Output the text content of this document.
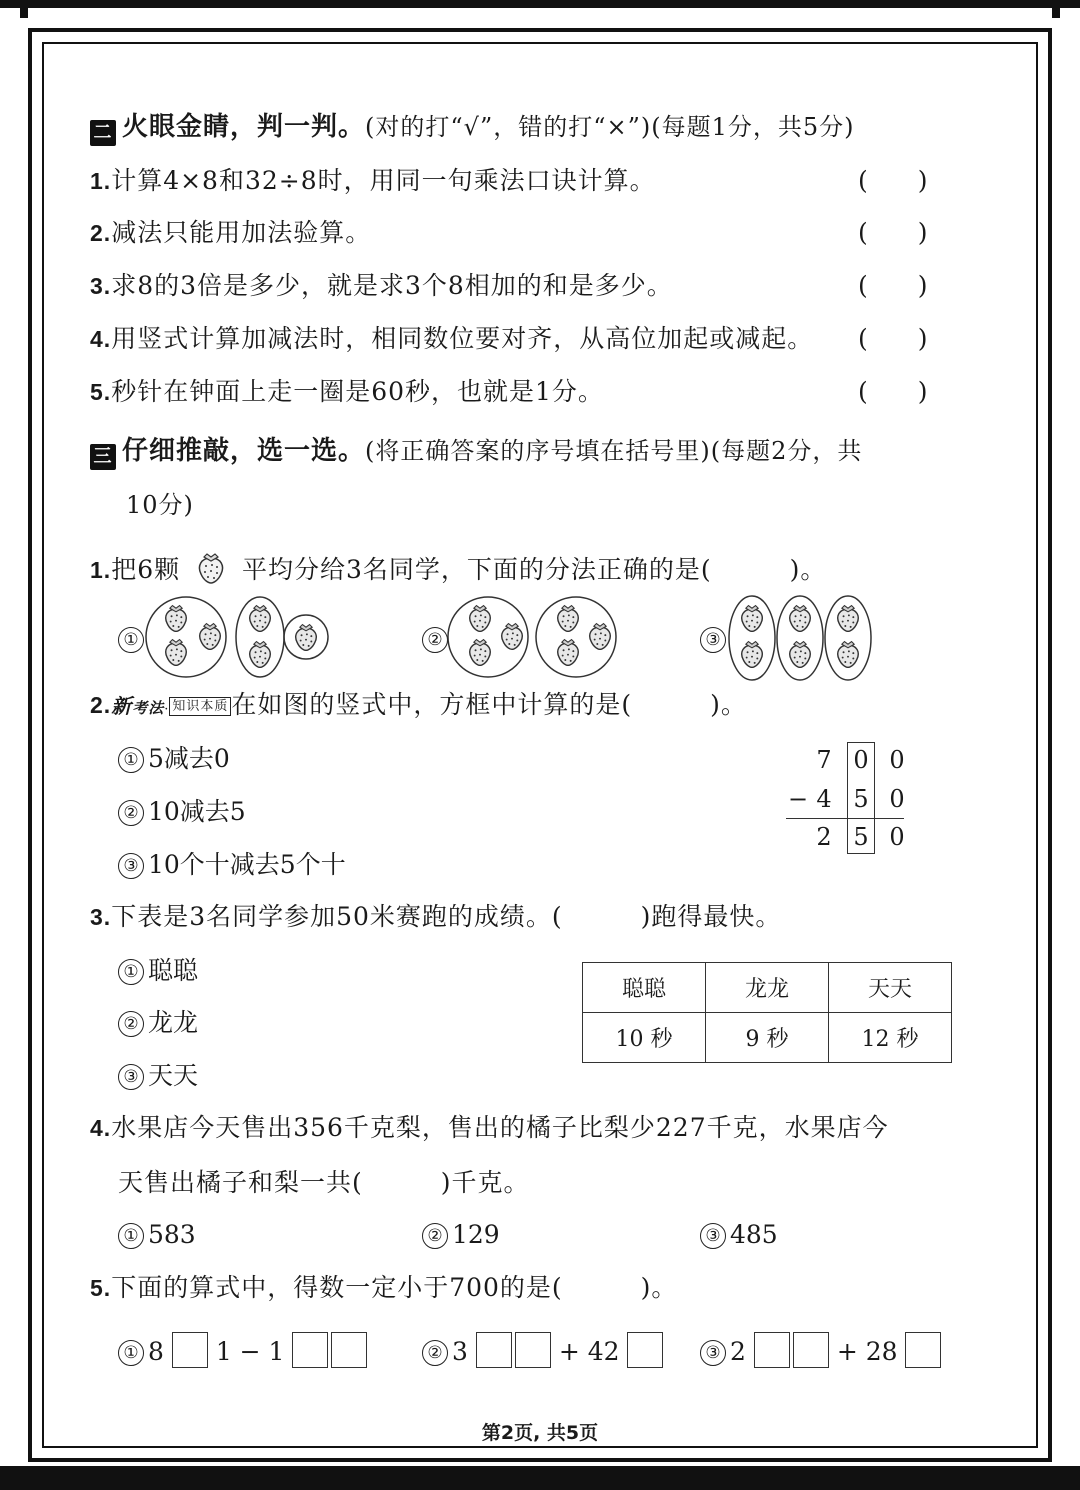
二 火眼金睛，判一判。(对的打“√”，错的打“×”)(每题1分，共5分)
1.计算4×8和32÷8时，用同一句乘法口诀计算。	(　　)
2.减法只能用加法验算。	(　　)
3.求8的3倍是多少，就是求3个8相加的和是多少。	(　　)
4.用竖式计算加减法时，相同数位要对齐，从高位加起或减起。 (　　)
5.秒针在钟面上走一圈是60秒，也就是1分。	(　　)
三 仔细推敲，选一选。(将正确答案的序号填在括号里)(每题2分，共
10分)
1.把6颗 平均分给3名同学，下面的分法正确的是(　　　)。
①	②	③
2.新考法· 知识本质 在如图的竖式中，方框中计算的是(　　　)。
① 5减去0
② 10减去5
③ 10个十减去5个十
7 0 0
− 4 5 0
2 5 0
3.下表是3名同学参加50米赛跑的成绩。(　　　)跑得最快。
① 聪聪
② 龙龙
③ 天天
聪聪	龙龙	天天
10 秒	9 秒	12 秒
4.水果店今天售出356千克梨，售出的橘子比梨少227千克，水果店今
天售出橘子和梨一共(　　　)千克。
① 583	② 129	③ 485
5.下面的算式中，得数一定小于700的是(　　　)。
① 8 1 − 1	② 3	+ 42	③ 2	+ 28
第2页, 共5页
